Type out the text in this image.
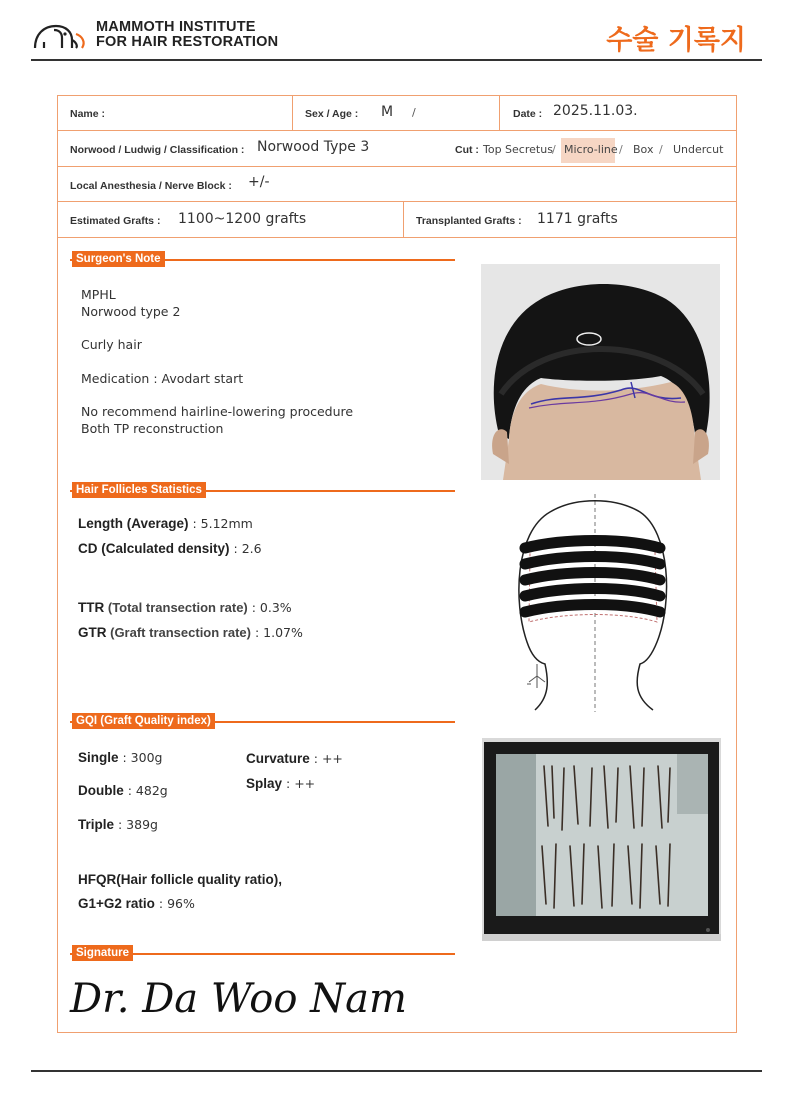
MAMMOTH INSTITUTE
FOR HAIR RESTORATION	수술 기록지
Name :	Sex / Age : M /	Date : 2025.11.03.
Norwood / Ludwig / Classification : Norwood Type 3	Cut : Top Secretus / Micro-line / Box / Undercut
Local Anesthesia / Nerve Block : +/-
Estimated Grafts : 1100~1200 grafts	Transplanted Grafts : 1171 grafts
Surgeon's Note
MPHL
Norwood type 2
Curly hair
Medication : Avodart start
No recommend hairline-lowering procedure
Both TP reconstruction
Hair Follicles Statistics
Length (Average) : 5.12mm
CD (Calculated density) : 2.6
TTR (Total transection rate) : 0.3%
GTR (Graft transection rate) : 1.07%
GQI (Graft Quality index)
Single : 300g
Double : 482g
Triple : 389g
Curvature : ++
Splay : ++
HFQR(Hair follicle quality ratio),
G1+G2 ratio : 96%
Signature
Dr. Da Woo Nam
